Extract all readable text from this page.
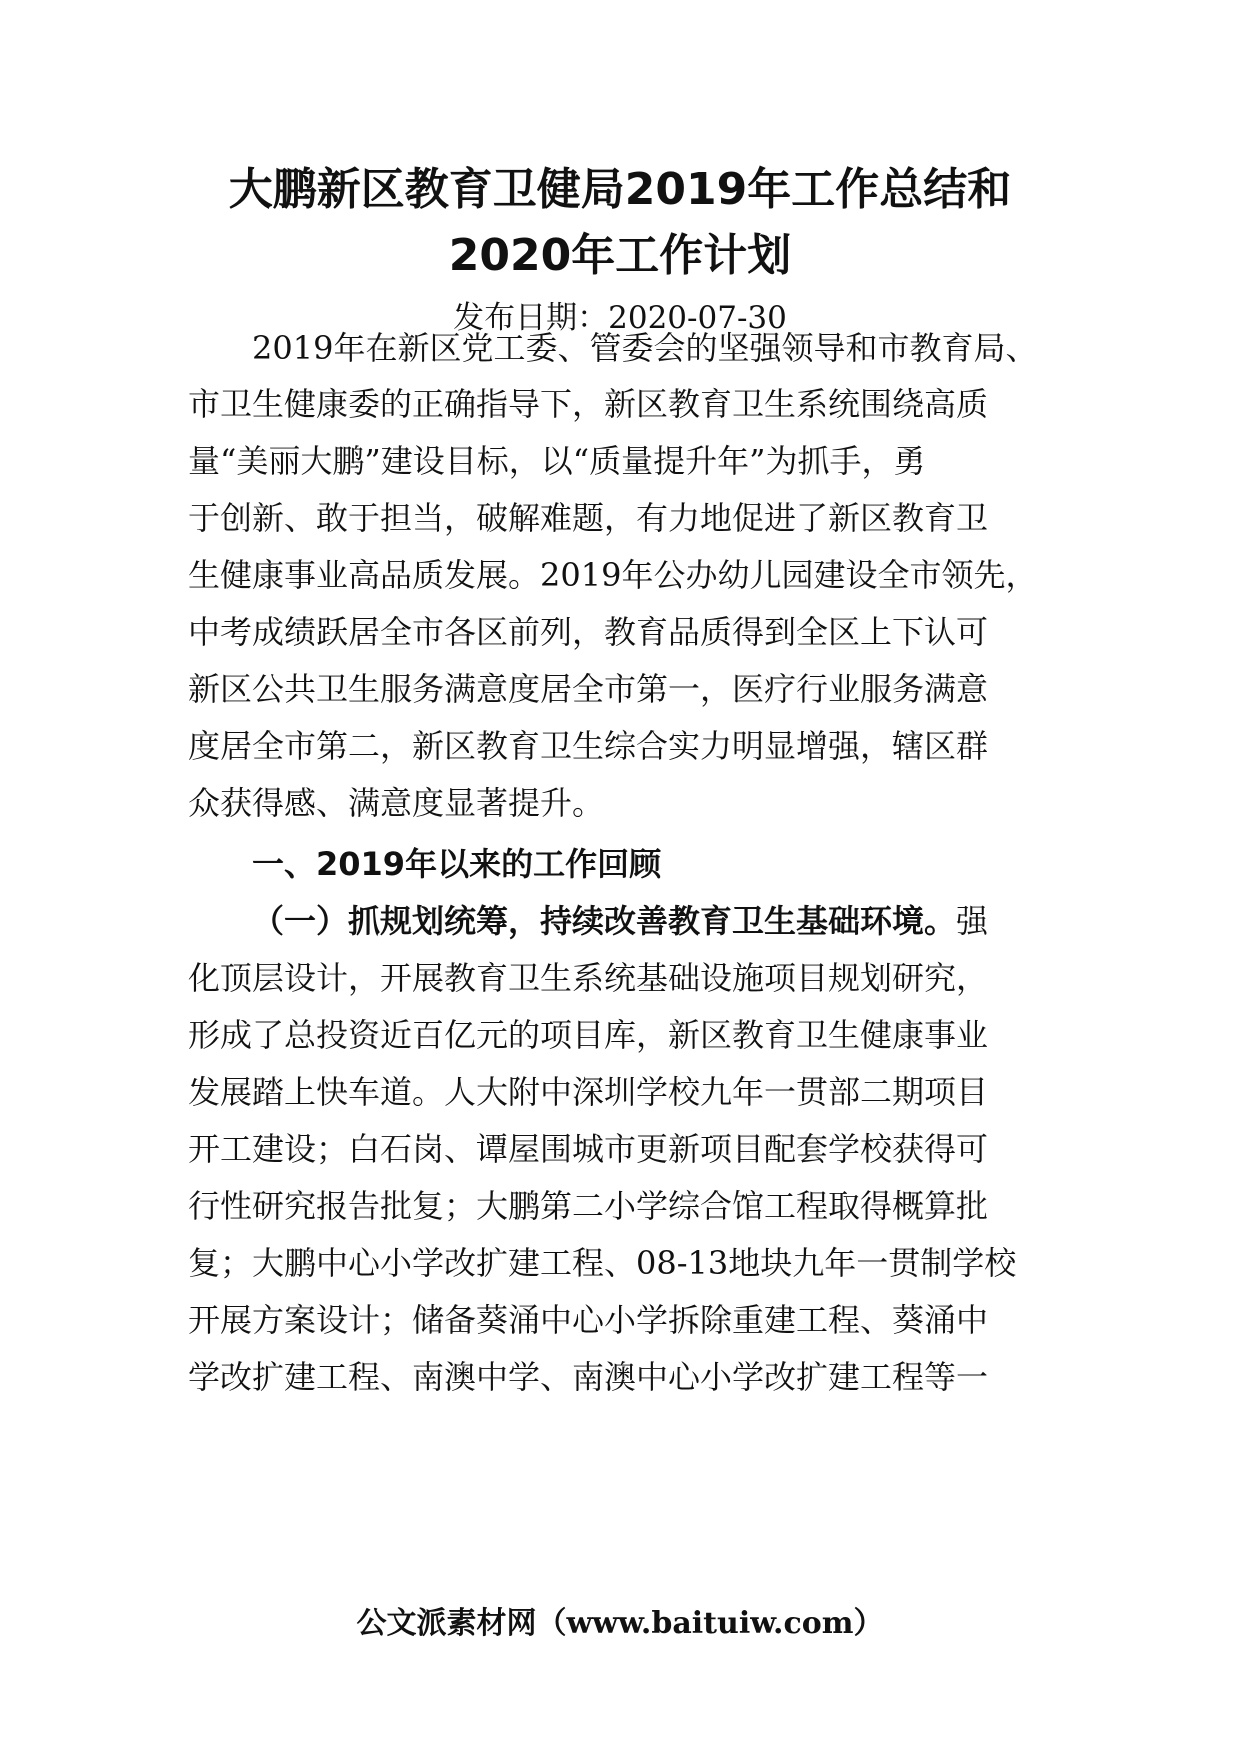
大鹏新区教育卫健局2019年工作总结和
2020年工作计划
发布日期：2020-07-30
2019年在新区党工委、管委会的坚强领导和市教育局、
市卫生健康委的正确指导下，新区教育卫生系统围绕高质
量“美丽大鹏”建设目标，以“质量提升年”为抓手，勇
于创新、敢于担当，破解难题，有力地促进了新区教育卫
生健康事业高品质发展。2019年公办幼儿园建设全市领先，
中考成绩跃居全市各区前列，教育品质得到全区上下认可
新区公共卫生服务满意度居全市第一，医疗行业服务满意
度居全市第二，新区教育卫生综合实力明显增强，辖区群
众获得感、满意度显著提升。
一、2019年以来的工作回顾
（一）抓规划统筹，持续改善教育卫生基础环境。强
化顶层设计，开展教育卫生系统基础设施项目规划研究，
形成了总投资近百亿元的项目库，新区教育卫生健康事业
发展踏上快车道。人大附中深圳学校九年一贯部二期项目
开工建设；白石岗、谭屋围城市更新项目配套学校获得可
行性研究报告批复；大鹏第二小学综合馆工程取得概算批
复；大鹏中心小学改扩建工程、08-13地块九年一贯制学校
开展方案设计；储备葵涌中心小学拆除重建工程、葵涌中
学改扩建工程、南澳中学、南澳中心小学改扩建工程等一
公文派素材网（www.baituiw.com）
